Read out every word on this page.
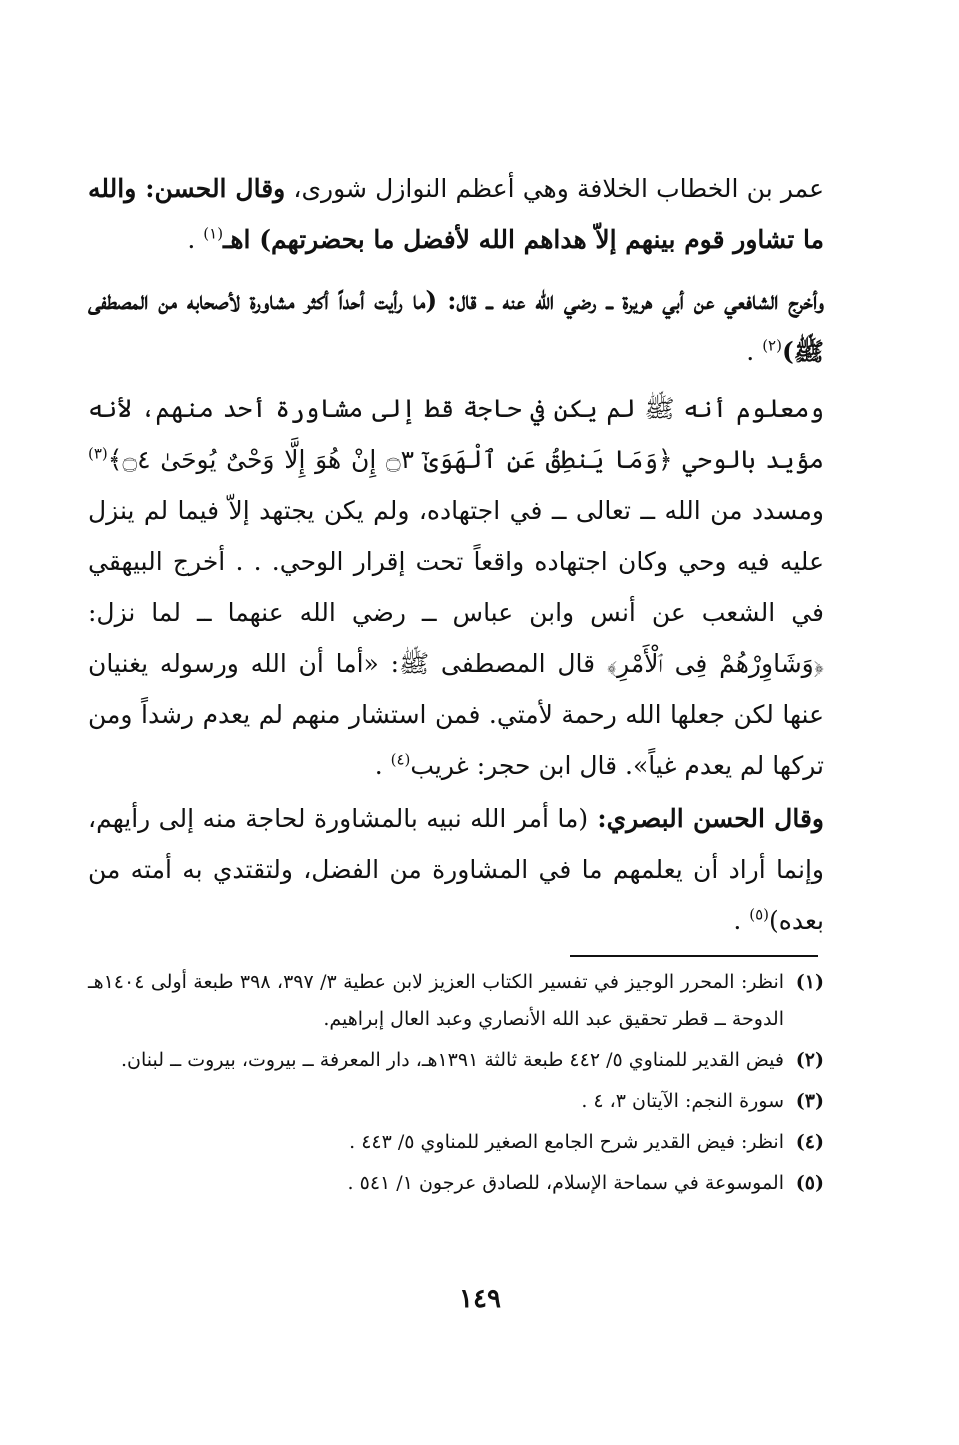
عمر بن الخطاب الخلافة وهي أعظم النوازل شورى، وقال الحسن: والله ما تشاور قوم بينهم إلاّ هداهم الله لأفضل ما بحضرتهم) اهـ$^{(١)}$ .

وأخرج الشافعي عن أبي هريرة ــ رضي الله عنه ــ قال: (ما رأيت أحداً أكثر مشاورة لأصحابه من المصطفى ﷺ)$^{(٢)}$ .

ومعلوم أنه ﷺ لم يكن في حاجة قط إلى مشاورة أحد منهم، لأنه مؤيد بالوحي ﴿وَمَا يَنطِقُ عَنِ ٱلْهَوَىٰٓ ۝٣ إِنْ هُوَ إِلَّا وَحْىٌ يُوحَىٰ ۝٤﴾$^{(٣)}$ ومسدد من الله ــ تعالى ــ في اجتهاده، ولم يكن يجتهد إلاّ فيما لم ينزل عليه فيه وحي وكان اجتهاده واقعاً تحت إقرار الوحي. . . أخرج البيهقي في الشعب عن أنس وابن عباس ــ رضي الله عنهما ــ لما نزل: ﴿وَشَاوِرْهُمْ فِى ٱلْأَمْرِ﴾ قال المصطفى ﷺ: «أما أن الله ورسوله يغنيان عنها لكن جعلها الله رحمة لأمتي. فمن استشار منهم لم يعدم رشداً ومن تركها لم يعدم غياً». قال ابن حجر: غريب$^{(٤)}$ .

وقال الحسن البصري: (ما أمر الله نبيه بالمشاورة لحاجة منه إلى رأيهم، وإنما أراد أن يعلمهم ما في المشاورة من الفضل، ولتقتدي به أمته من بعده)$^{(٥)}$ .

(١)
انظر: المحرر الوجيز في تفسير الكتاب العزيز لابن عطية ٣/ ٣٩٧، ٣٩٨ طبعة أولى ١٤٠٤هـ الدوحة ــ قطر تحقيق عبد الله الأنصاري وعبد العال إبراهيم.
(٢)
فيض القدير للمناوي ٥/ ٤٤٢ طبعة ثالثة ١٣٩١هـ، دار المعرفة ــ بيروت، بيروت ــ لبنان.
(٣)
سورة النجم: الآيتان ٣، ٤ .
(٤)
انظر: فيض القدير شرح الجامع الصغير للمناوي ٥/ ٤٤٣ .
(٥)
الموسوعة في سماحة الإسلام، للصادق عرجون ١/ ٥٤١ .
١٤٩
